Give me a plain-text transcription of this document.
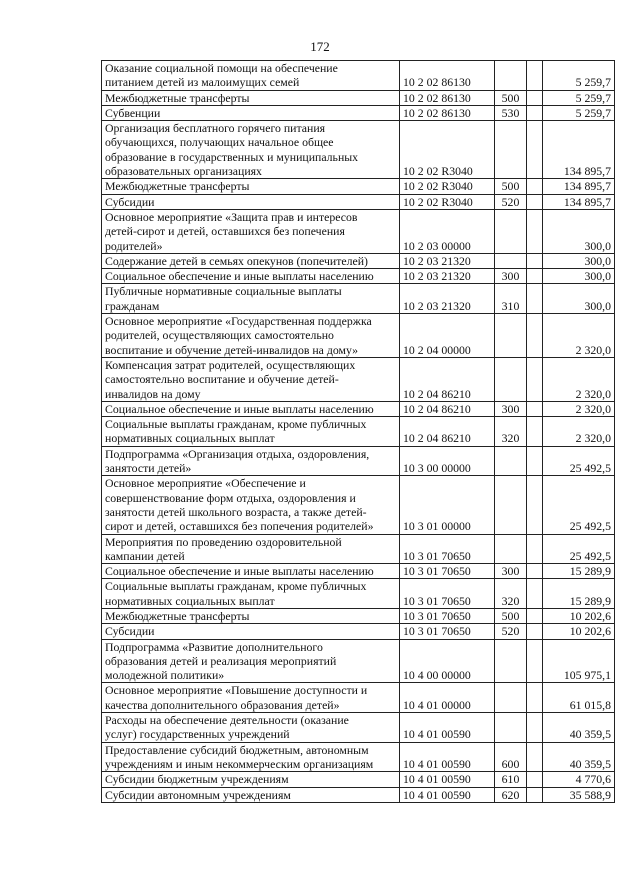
172
Оказание социальной помощи на обеспечение
питанием детей из малоимущих семей	10 2 02 86130			5 259,7

Межбюджетные трансферты	10 2 02 86130	500		5 259,7

Субвенции	10 2 02 86130	530		5 259,7

Организация бесплатного горячего питания
обучающихся, получающих начальное общее
образование в государственных и муниципальных
образовательных организациях	10 2 02 R3040			134 895,7

Межбюджетные трансферты	10 2 02 R3040	500		134 895,7

Субсидии	10 2 02 R3040	520		134 895,7

Основное мероприятие «Защита прав и интересов
детей-сирот и детей, оставшихся без попечения
родителей»	10 2 03 00000			300,0

Содержание детей в семьях опекунов (попечителей)	10 2 03 21320			300,0

Социальное обеспечение и иные выплаты населению	10 2 03 21320	300		300,0

Публичные нормативные социальные выплаты
гражданам	10 2 03 21320	310		300,0

Основное мероприятие «Государственная поддержка
родителей, осуществляющих самостоятельно
воспитание и обучение детей-инвалидов на дому»	10 2 04 00000			2 320,0

Компенсация затрат родителей, осуществляющих
самостоятельно воспитание и обучение детей-
инвалидов на дому	10 2 04 86210			2 320,0

Социальное обеспечение и иные выплаты населению	10 2 04 86210	300		2 320,0

Социальные выплаты гражданам, кроме публичных
нормативных социальных выплат	10 2 04 86210	320		2 320,0

Подпрограмма «Организация отдыха, оздоровления,
занятости детей»	10 3 00 00000			25 492,5

Основное мероприятие «Обеспечение и
совершенствование форм отдыха, оздоровления и
занятости детей школьного возраста, а также детей-
сирот и детей, оставшихся без попечения родителей»	10 3 01 00000			25 492,5

Мероприятия по проведению оздоровительной
кампании детей	10 3 01 70650			25 492,5

Социальное обеспечение и иные выплаты населению	10 3 01 70650	300		15 289,9

Социальные выплаты гражданам, кроме публичных
нормативных социальных выплат	10 3 01 70650	320		15 289,9

Межбюджетные трансферты	10 3 01 70650	500		10 202,6

Субсидии	10 3 01 70650	520		10 202,6

Подпрограмма «Развитие дополнительного
образования детей и реализация мероприятий
молодежной политики»	10 4 00 00000			105 975,1

Основное мероприятие «Повышение доступности и
качества дополнительного образования детей»	10 4 01 00000			61 015,8

Расходы на обеспечение деятельности (оказание
услуг) государственных учреждений	10 4 01 00590			40 359,5

Предоставление субсидий бюджетным, автономным
учреждениям и иным некоммерческим организациям	10 4 01 00590	600		40 359,5

Субсидии бюджетным учреждениям	10 4 01 00590	610		4 770,6

Субсидии автономным учреждениям	10 4 01 00590	620		35 588,9
